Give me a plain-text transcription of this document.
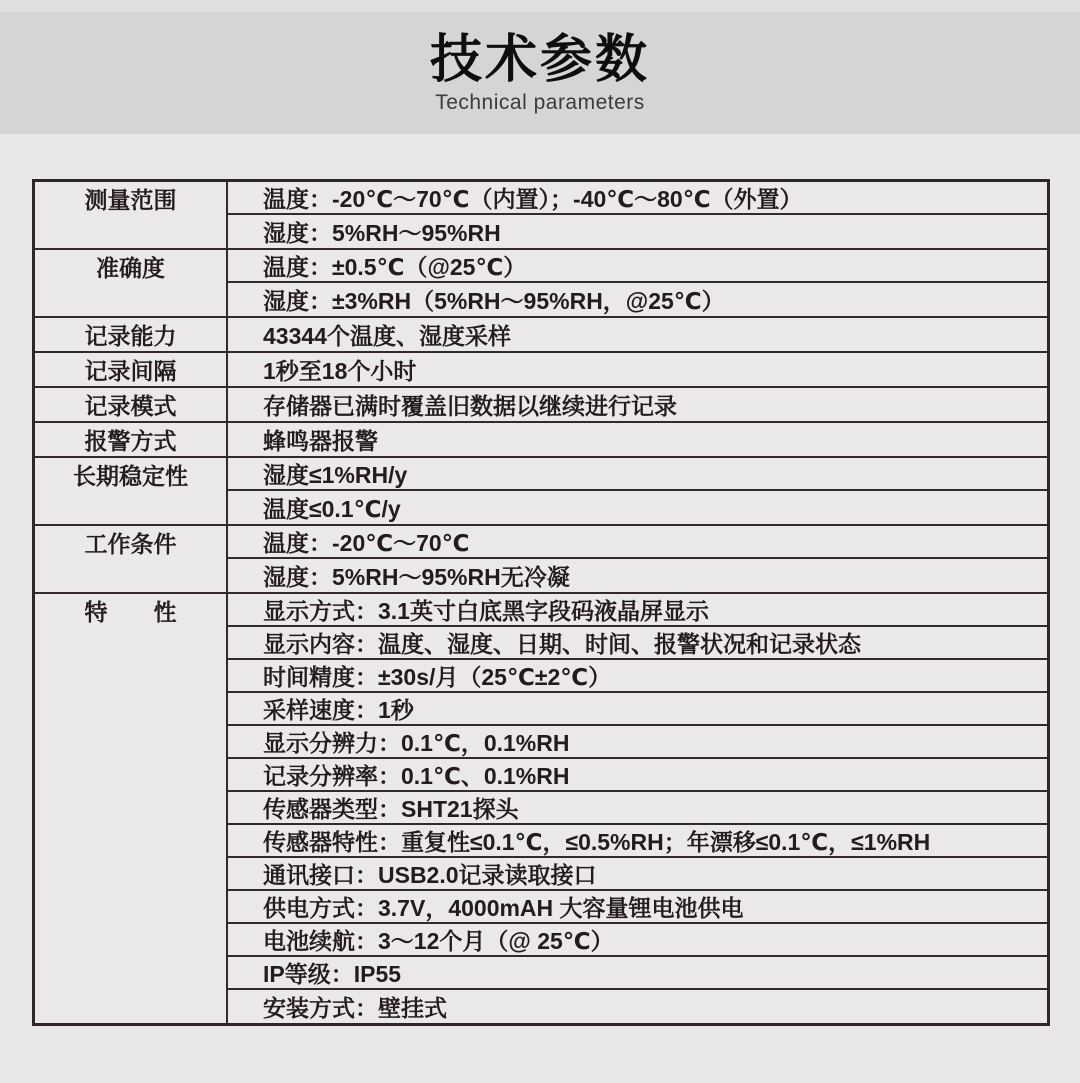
技术参数
Technical parameters
测量范围	温度：-20℃～70℃（内置）；-40℃～80℃（外置）
湿度：5%RH～95%RH
准确度	温度：±0.5℃（@25℃）
湿度：±3%RH（5%RH～95%RH，@25℃）
记录能力	43344个温度、湿度采样
记录间隔	1秒至18个小时
记录模式	存储器已满时覆盖旧数据以继续进行记录
报警方式	蜂鸣器报警
长期稳定性	湿度≤1%RH/y
温度≤0.1℃/y
工作条件	温度：-20℃～70℃
湿度：5%RH～95%RH无冷凝
特　　性	显示方式：3.1英寸白底黑字段码液晶屏显示
显示内容：温度、湿度、日期、时间、报警状况和记录状态
时间精度：±30s/月（25℃±2℃）
采样速度：1秒
显示分辨力：0.1℃，0.1%RH
记录分辨率：0.1℃、0.1%RH
传感器类型：SHT21探头
传感器特性：重复性≤0.1℃，≤0.5%RH；年漂移≤0.1℃，≤1%RH
通讯接口：USB2.0记录读取接口
供电方式：3.7V，4000mAH 大容量锂电池供电
电池续航：3～12个月（@ 25℃）
IP等级：IP55
安装方式：壁挂式
